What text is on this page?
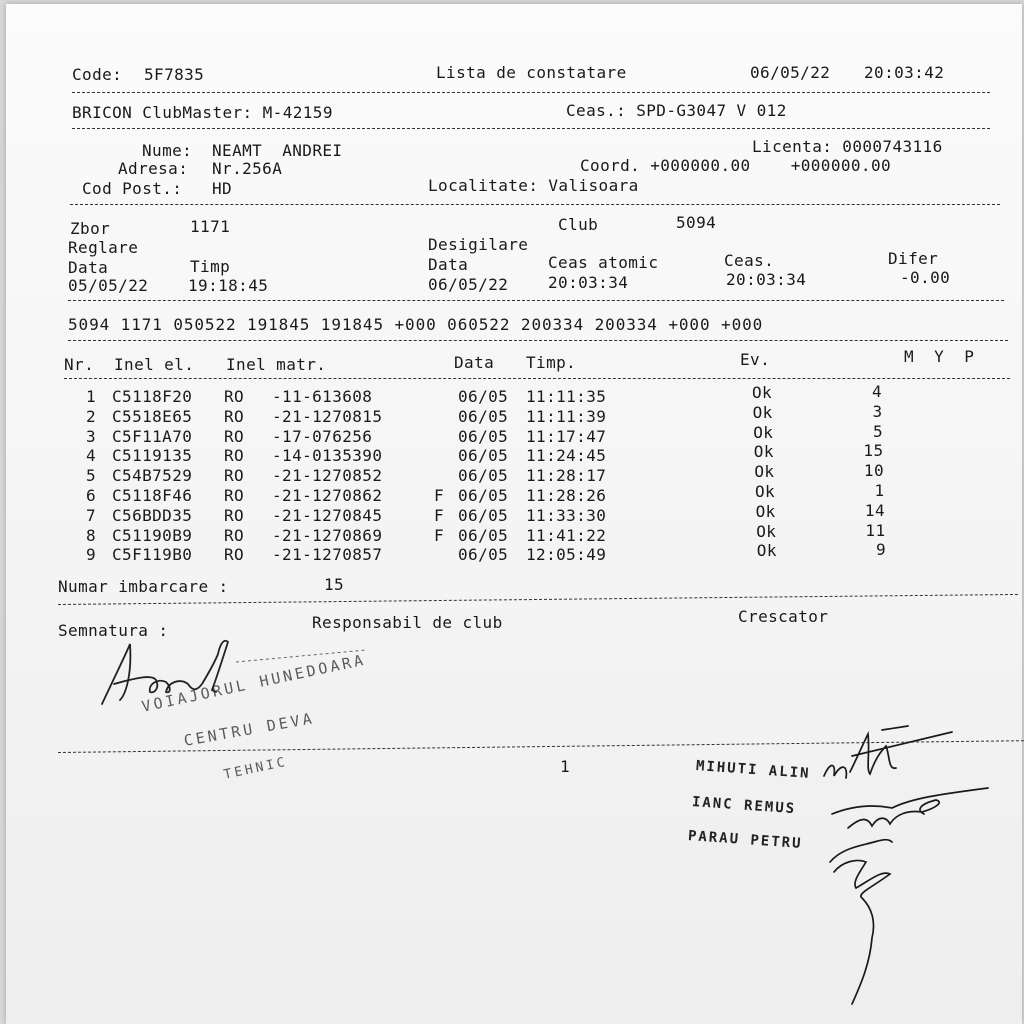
Code: 5F7835	Lista de constatare	06/05/22 20:03:42
BRICON ClubMaster: M-42159	Ceas.: SPD-G3047 V 012
Nume: NEAMT  ANDREI	Licenta: 0000743116
Adresa: Nr.256A	Coord. +000000.00    +000000.00
Cod Post.: HD	Localitate: Valisoara
Zbor	1171	Club	5094
Reglare	Desigilare
Data	Timp	Data	Ceas atomic	Ceas.	Difer
05/05/22 19:18:45	06/05/22 20:03:34	20:03:34	-0.00
5094 1171 050522 191845 191845 +000 060522 200334 200334 +000 +000
Nr. Inel el. Inel matr.	Data Timp.	Ev.	M  Y  P
Numar imbarcare :	15
Semnatura :	Responsabil de club	Crescator
1
VOIAJORUL HUNEDOARA
CENTRU DEVA
TEHNIC	MIHUTI ALIN
IANC REMUS
PARAU PETRU
1 C5118F20 RO -11-613608	06/05 11:11:35	Ok	4
2 C5518E65 RO -21-1270815	06/05 11:11:39	Ok	3
3 C5F11A70 RO -17-076256	06/05 11:17:47	Ok	5
4 C5119135 RO -14-0135390	06/05 11:24:45	Ok	15
5 C54B7529 RO -21-1270852	06/05 11:28:17	Ok	10
6 C5118F46 RO -21-1270862	F 06/05 11:28:26	Ok	1
7 C56BDD35 RO -21-1270845	F 06/05 11:33:30	Ok	14
8 C51190B9 RO -21-1270869	F 06/05 11:41:22	Ok	11
9 C5F119B0 RO -21-1270857	06/05 12:05:49	Ok	9
